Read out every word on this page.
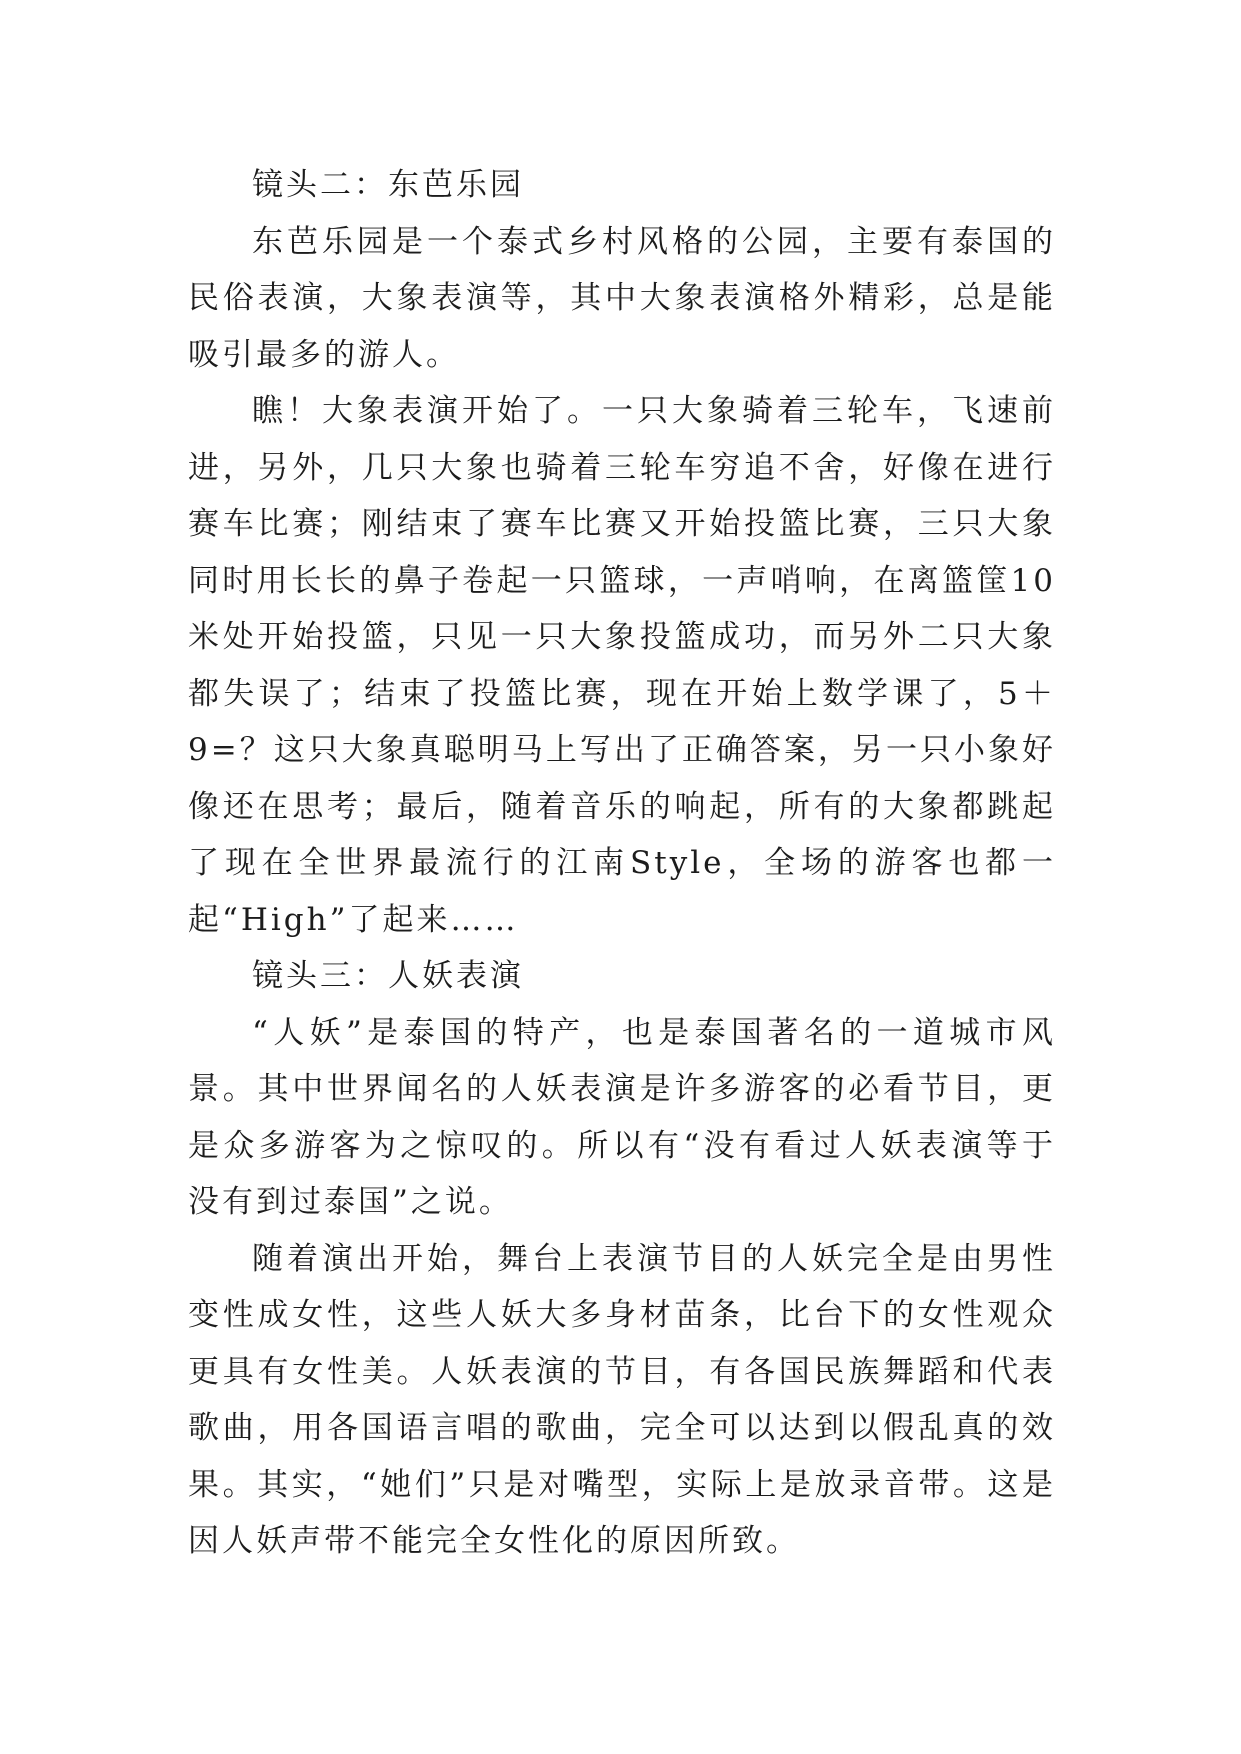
镜头二：东芭乐园

东芭乐园是一个泰式乡村风格的公园，主要有泰国的民俗表演，大象表演等，其中大象表演格外精彩，总是能吸引最多的游人。

瞧！大象表演开始了。一只大象骑着三轮车，飞速前进，另外，几只大象也骑着三轮车穷追不舍，好像在进行赛车比赛；刚结束了赛车比赛又开始投篮比赛，三只大象同时用长长的鼻子卷起一只篮球，一声哨响，在离篮筐10米处开始投篮，只见一只大象投篮成功，而另外二只大象都失误了；结束了投篮比赛，现在开始上数学课了，5＋9=？这只大象真聪明马上写出了正确答案，另一只小象好像还在思考；最后，随着音乐的响起，所有的大象都跳起了现在全世界最流行的江南Style，全场的游客也都一起“High”了起来……

镜头三：人妖表演

“人妖”是泰国的特产，也是泰国著名的一道城市风景。其中世界闻名的人妖表演是许多游客的必看节目，更是众多游客为之惊叹的。所以有“没有看过人妖表演等于没有到过泰国”之说。

随着演出开始，舞台上表演节目的人妖完全是由男性变性成女性，这些人妖大多身材苗条，比台下的女性观众更具有女性美。人妖表演的节目，有各国民族舞蹈和代表歌曲，用各国语言唱的歌曲，完全可以达到以假乱真的效果。其实，“她们”只是对嘴型，实际上是放录音带。这是因人妖声带不能完全女性化的原因所致。
